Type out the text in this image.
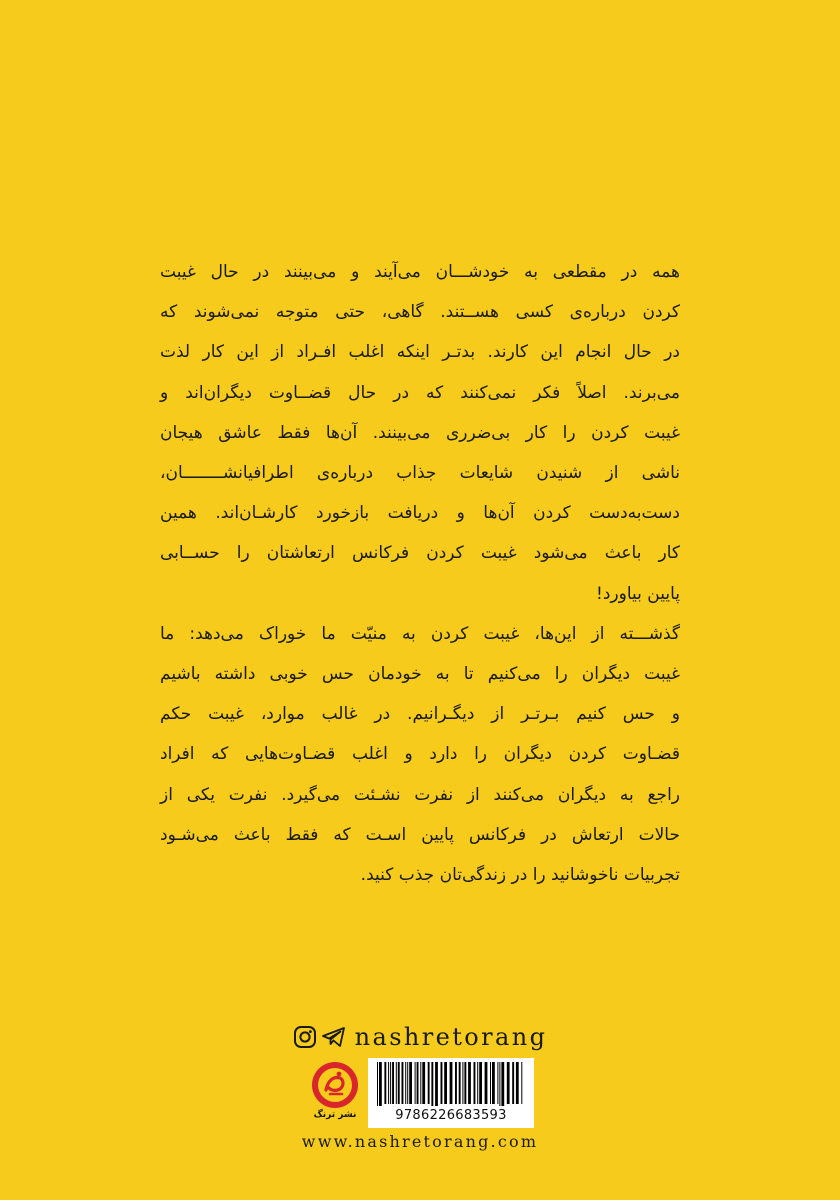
همه در مقطعی به خودشـــان می‌آیند و می‌بینند در حال غیبت
کردن درباره‌ی کسی هســتند. گاهی، حتی متوجه نمی‌شوند که
در حال انجام این کارند. بدتـر اینکه اغلب افـراد از این کار لذت
می‌برند. اصلاً فکر نمی‌کنند که در حال قضــاوت دیگران‌اند و
غیبت کردن را کار بی‌ضرری می‌بینند. آن‌ها فقط عاشق هیجان
ناشی از شنیدن شایعات جذاب درباره‌ی اطرافیانشــــــــان،
دست‌به‌دست کردن آن‌ها و دریافت بازخورد کارشـان‌اند. همین
کار باعث می‌شود غیبت کردن فرکانس ارتعاشتان را حســابی
پایین بیاورد!

گذشـــته از این‌ها، غیبت کردن به منیّت ما خوراک می‌دهد: ما
غیبت دیگران را می‌کنیم تا به خودمان حس خوبی داشته باشیم
و حس کنیم بـرتـر از دیگـرانیم. در غالب موارد، غیبت حکم
قضـاوت کردن دیگران را دارد و اغلب قضـاوت‌هایی که افراد
راجع به دیگران می‌کنند از نفرت نشـئت می‌گیرد. نفرت یکی از
حالات ارتعاش در فرکانس پایین اسـت که فقط باعث می‌شـود
تجربیات ناخوشانید را در زندگی‌تان جذب کنید.

nashretorang
نشر ترنگ	9786226683593
www.nashretorang.com
